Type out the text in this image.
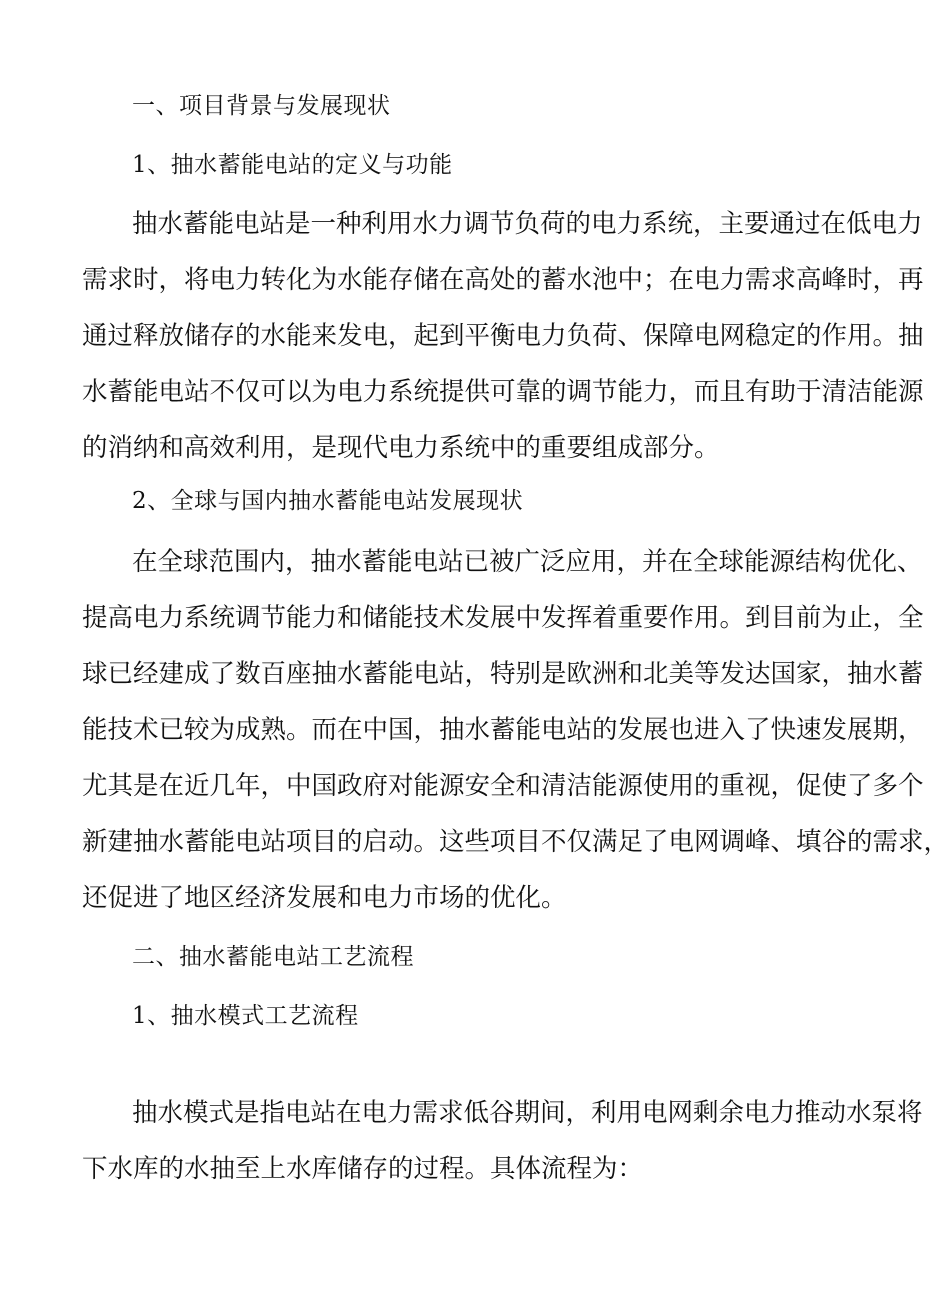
一、项目背景与发展现状
1、抽水蓄能电站的定义与功能
抽水蓄能电站是一种利用水力调节负荷的电力系统，主要通过在低电力
需求时，将电力转化为水能存储在高处的蓄水池中；在电力需求高峰时，再
通过释放储存的水能来发电，起到平衡电力负荷、保障电网稳定的作用。抽
水蓄能电站不仅可以为电力系统提供可靠的调节能力，而且有助于清洁能源
的消纳和高效利用，是现代电力系统中的重要组成部分。
2、全球与国内抽水蓄能电站发展现状
在全球范围内，抽水蓄能电站已被广泛应用，并在全球能源结构优化、
提高电力系统调节能力和储能技术发展中发挥着重要作用。到目前为止，全
球已经建成了数百座抽水蓄能电站，特别是欧洲和北美等发达国家，抽水蓄
能技术已较为成熟。而在中国，抽水蓄能电站的发展也进入了快速发展期，
尤其是在近几年，中国政府对能源安全和清洁能源使用的重视，促使了多个
新建抽水蓄能电站项目的启动。这些项目不仅满足了电网调峰、填谷的需求，
还促进了地区经济发展和电力市场的优化。
二、抽水蓄能电站工艺流程
1、抽水模式工艺流程
抽水模式是指电站在电力需求低谷期间，利用电网剩余电力推动水泵将
下水库的水抽至上水库储存的过程。具体流程为：
